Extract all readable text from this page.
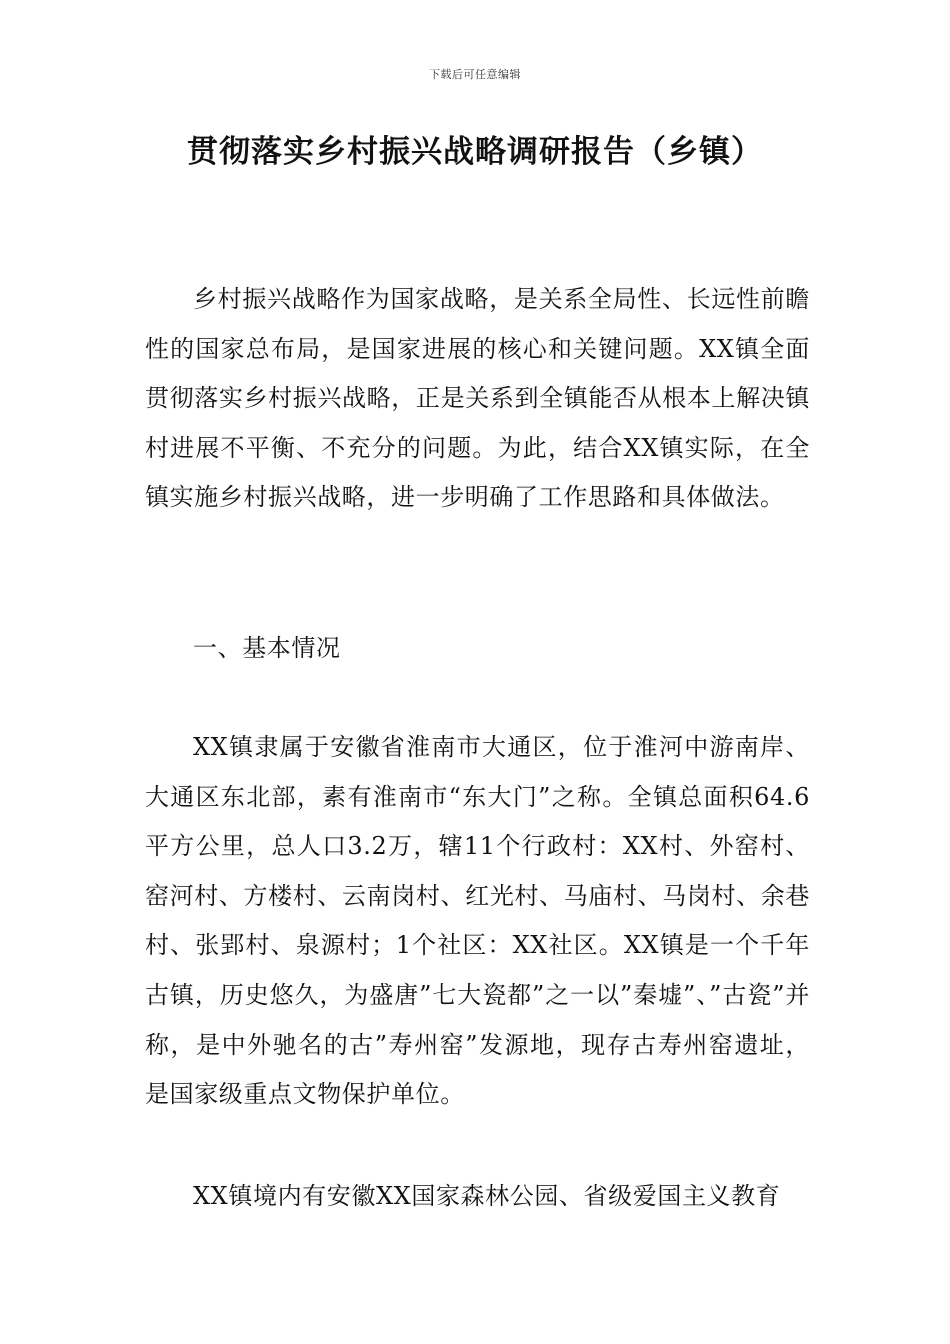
下载后可任意编辑
贯彻落实乡村振兴战略调研报告（乡镇）

乡村振兴战略作为国家战略，是关系全局性、长远性前瞻性的国家总布局，是国家进展的核心和关键问题。XX镇全面贯彻落实乡村振兴战略，正是关系到全镇能否从根本上解决镇村进展不平衡、不充分的问题。为此，结合XX镇实际，在全镇实施乡村振兴战略，进一步明确了工作思路和具体做法。

一、基本情况

XX镇隶属于安徽省淮南市大通区，位于淮河中游南岸、大通区东北部，素有淮南市“东大门”之称。全镇总面积64.6平方公里，总人口3.2万，辖11个行政村：XX村、外窑村、窑河村、方楼村、云南岗村、红光村、马庙村、马岗村、余巷村、张郢村、泉源村；1个社区：XX社区。XX镇是一个千年古镇，历史悠久，为盛唐”七大瓷都”之一以”秦墟”、”古瓷”并称，是中外驰名的古”寿州窑”发源地，现存古寿州窑遗址，是国家级重点文物保护单位。

XX镇境内有安徽XX国家森林公园、省级爱国主义教育
